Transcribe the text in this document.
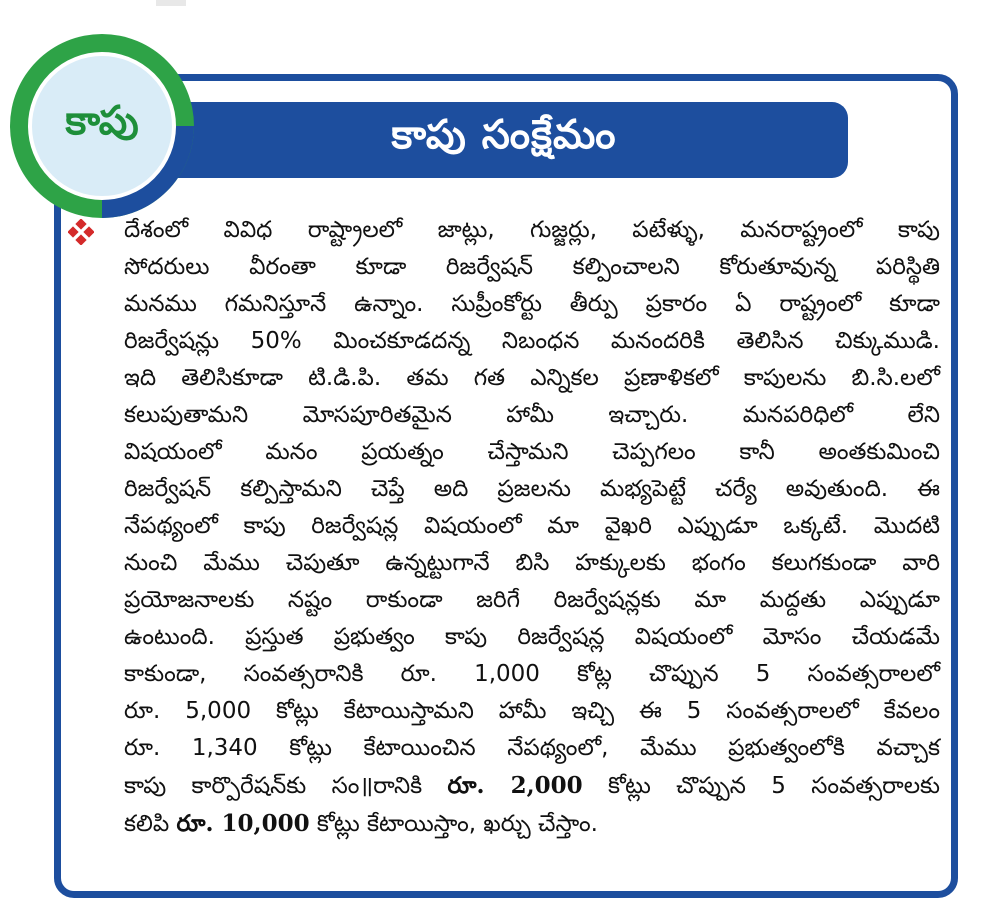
కాపు సంక్షేమం
కాపు
దేశంలో వివిధ రాష్ట్రాలలో జాట్లు, గుజ్జర్లు, పటేళ్ళు, మనరాష్ట్రంలో కాపు
సోదరులు వీరంతా కూడా రిజర్వేషన్ కల్పించాలని కోరుతూవున్న పరిస్థితి
మనము గమనిస్తూనే ఉన్నాం. సుప్రీంకోర్టు తీర్పు ప్రకారం ఏ రాష్ట్రంలో కూడా
రిజర్వేషన్లు 50% మించకూడదన్న నిబంధన మనందరికి తెలిసిన చిక్కుముడి.
ఇది తెలిసికూడా టి.డి.పి. తమ గత ఎన్నికల ప్రణాళికలో కాపులను బి.సి.లలో
కలుపుతామని మోసపూరితమైన హామీ ఇచ్చారు. మనపరిధిలో లేని
విషయంలో మనం ప్రయత్నం చేస్తామని చెప్పగలం కానీ అంతకుమించి
రిజర్వేషన్ కల్పిస్తామని చెప్తే అది ప్రజలను మభ్యపెట్టే చర్యే అవుతుంది. ఈ
నేపథ్యంలో కాపు రిజర్వేషన్ల విషయంలో మా వైఖరి ఎప్పుడూ ఒక్కటే. మొదటి
నుంచి మేము చెపుతూ ఉన్నట్టుగానే బిసి హక్కులకు భంగం కలుగకుండా వారి
ప్రయోజనాలకు నష్టం రాకుండా జరిగే రిజర్వేషన్లకు మా మద్దతు ఎప్పుడూ
ఉంటుంది. ప్రస్తుత ప్రభుత్వం కాపు రిజర్వేషన్ల విషయంలో మోసం చేయడమే
కాకుండా, సంవత్సరానికి రూ. 1,000 కోట్ల చొప్పున 5 సంవత్సరాలలో
రూ. 5,000 కోట్లు కేటాయిస్తామని హామీ ఇచ్చి ఈ 5 సంవత్సరాలలో కేవలం
రూ. 1,340 కోట్లు కేటాయించిన నేపథ్యంలో, మేము ప్రభుత్వంలోకి వచ్చాక
కాపు కార్పొరేషన్‌కు సం॥రానికి రూ. 2,000 కోట్లు చొప్పున 5 సంవత్సరాలకు
కలిపి రూ. 10,000 కోట్లు కేటాయిస్తాం, ఖర్చు చేస్తాం.
